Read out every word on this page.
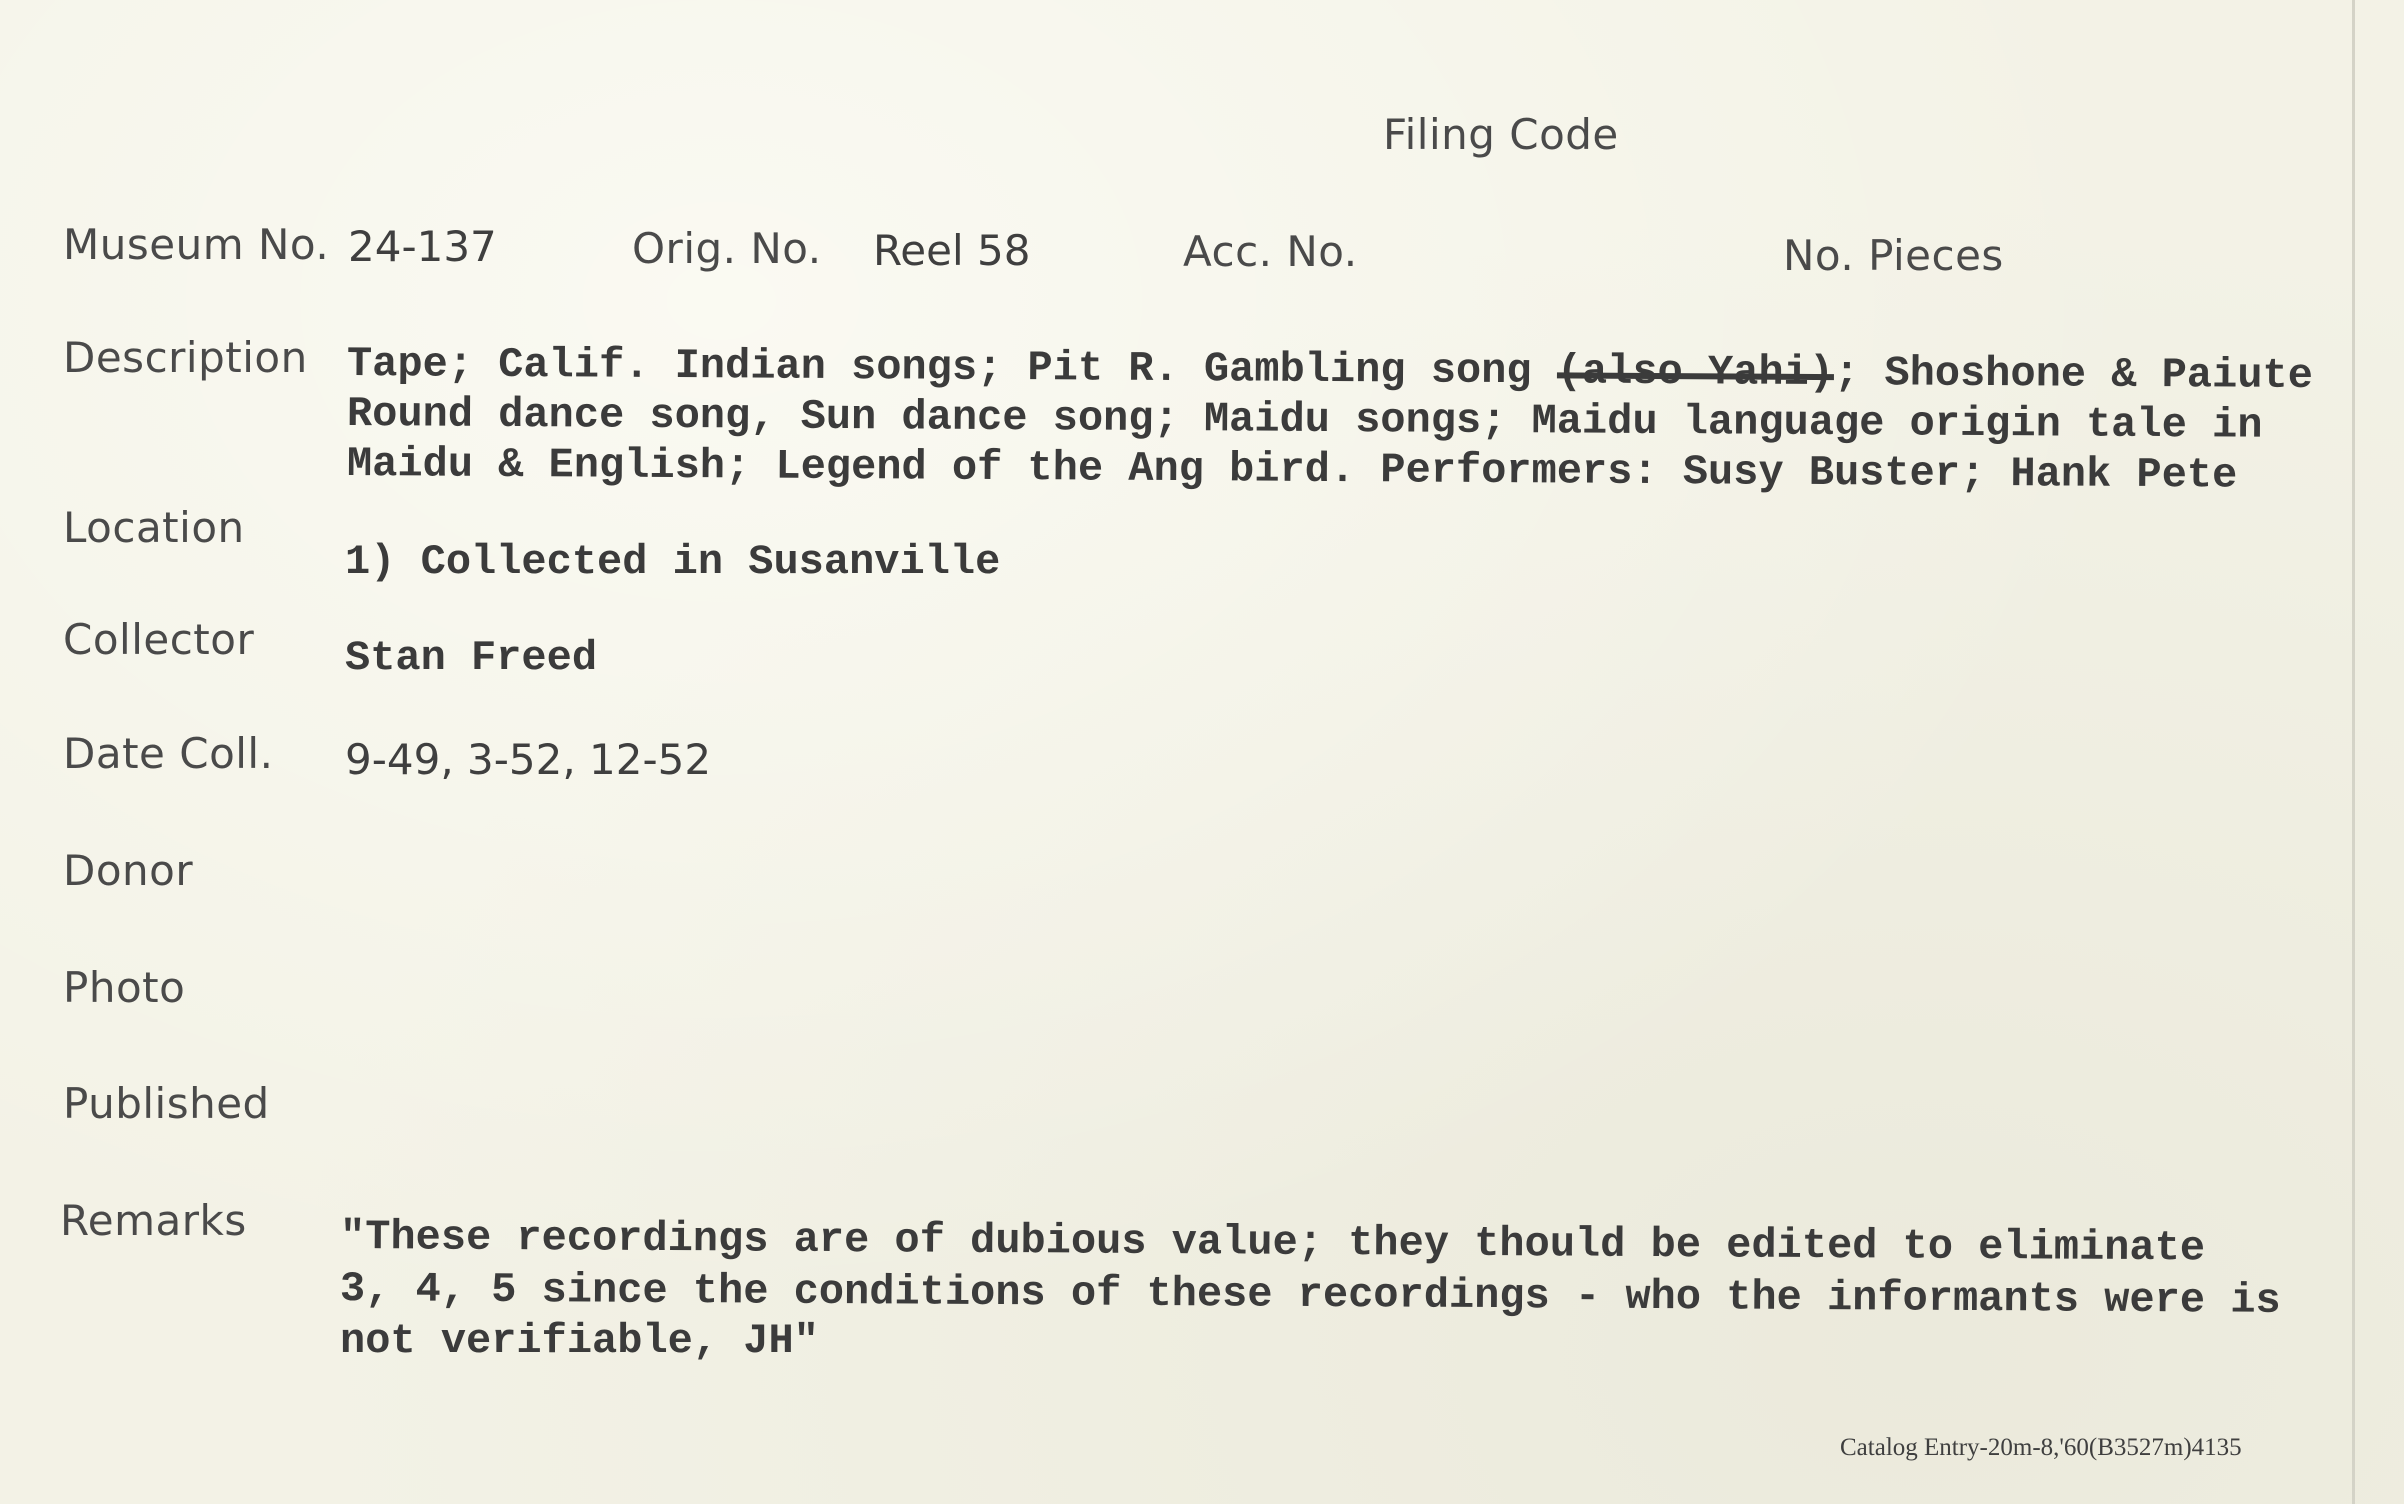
Filing Code
Museum No. 24-137	Orig. No. Reel 58	Acc. No.	No. Pieces
Description Tape; Calif. Indian songs; Pit R. Gambling song (also Yahi); Shoshone & Paiute
Round dance song, Sun dance song; Maidu songs; Maidu language origin tale in
Maidu & English; Legend of the Ang bird. Performers: Susy Buster; Hank Pete
Location
1) Collected in Susanville
Collector Stan Freed
Date Coll. 9-49, 3-52, 12-52
Donor
Photo
Published
Remarks "These recordings are of dubious value; they thould be edited to eliminate
3, 4, 5 since the conditions of these recordings - who the informants were is
not verifiable, JH"
Catalog Entry-20m-8,'60(B3527m)4135
